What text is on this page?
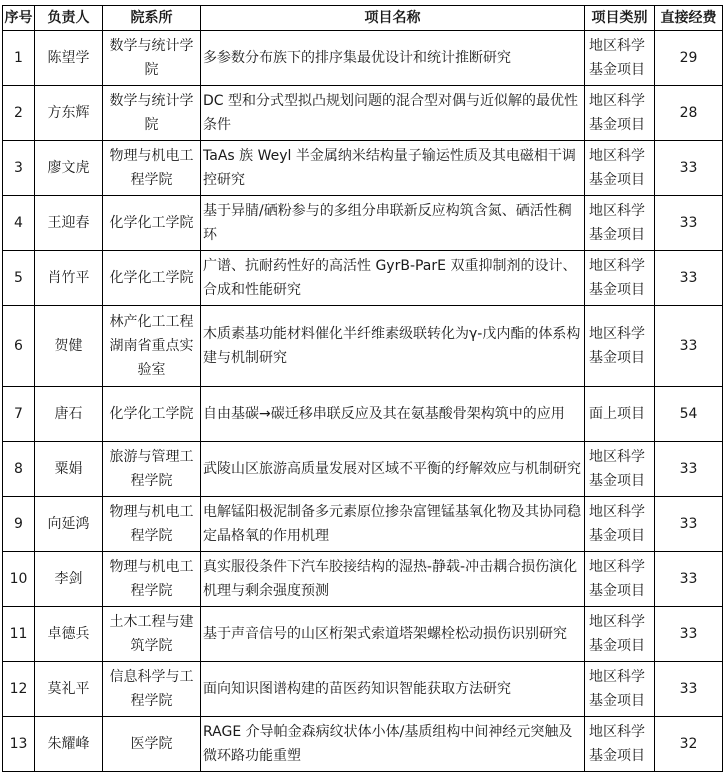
序号	负责人	院系所	项目名称	项目类别	直接经费
1	陈望学	数学与统计学院	多参数分布族下的排序集最优设计和统计推断研究	地区科学基金项目	29
2	方东辉	数学与统计学院	DC 型和分式型拟凸规划问题的混合型对偶与近似解的最优性条件	地区科学基金项目	28
3	廖文虎	物理与机电工程学院	TaAs 族 Weyl 半金属纳米结构量子输运性质及其电磁相干调控研究	地区科学基金项目	33
4	王迎春	化学化工学院	基于异腈/硒粉参与的多组分串联新反应构筑含氮、硒活性稠环	地区科学基金项目	33
5	肖竹平	化学化工学院	广谱、抗耐药性好的高活性 GyrB-ParE 双重抑制剂的设计、合成和性能研究	地区科学基金项目	33
6	贺健	林产化工工程湖南省重点实验室	木质素基功能材料催化半纤维素级联转化为γ-戊内酯的体系构建与机制研究	地区科学基金项目	33
7	唐石	化学化工学院	自由基碳→碳迁移串联反应及其在氨基酸骨架构筑中的应用	面上项目	54
8	粟娟	旅游与管理工程学院	武陵山区旅游高质量发展对区域不平衡的纾解效应与机制研究	地区科学基金项目	33
9	向延鸿	物理与机电工程学院	电解锰阳极泥制备多元素原位掺杂富锂锰基氧化物及其协同稳定晶格氧的作用机理	地区科学基金项目	33
10	李剑	物理与机电工程学院	真实服役条件下汽车胶接结构的湿热-静载-冲击耦合损伤演化机理与剩余强度预测	地区科学基金项目	33
11	卓德兵	土木工程与建筑学院	基于声音信号的山区桁架式索道塔架螺栓松动损伤识别研究	地区科学基金项目	33
12	莫礼平	信息科学与工程学院	面向知识图谱构建的苗医药知识智能获取方法研究	地区科学基金项目	33
13	朱耀峰	医学院	RAGE 介导帕金森病纹状体小体/基质组构中间神经元突触及微环路功能重塑	地区科学基金项目	32
